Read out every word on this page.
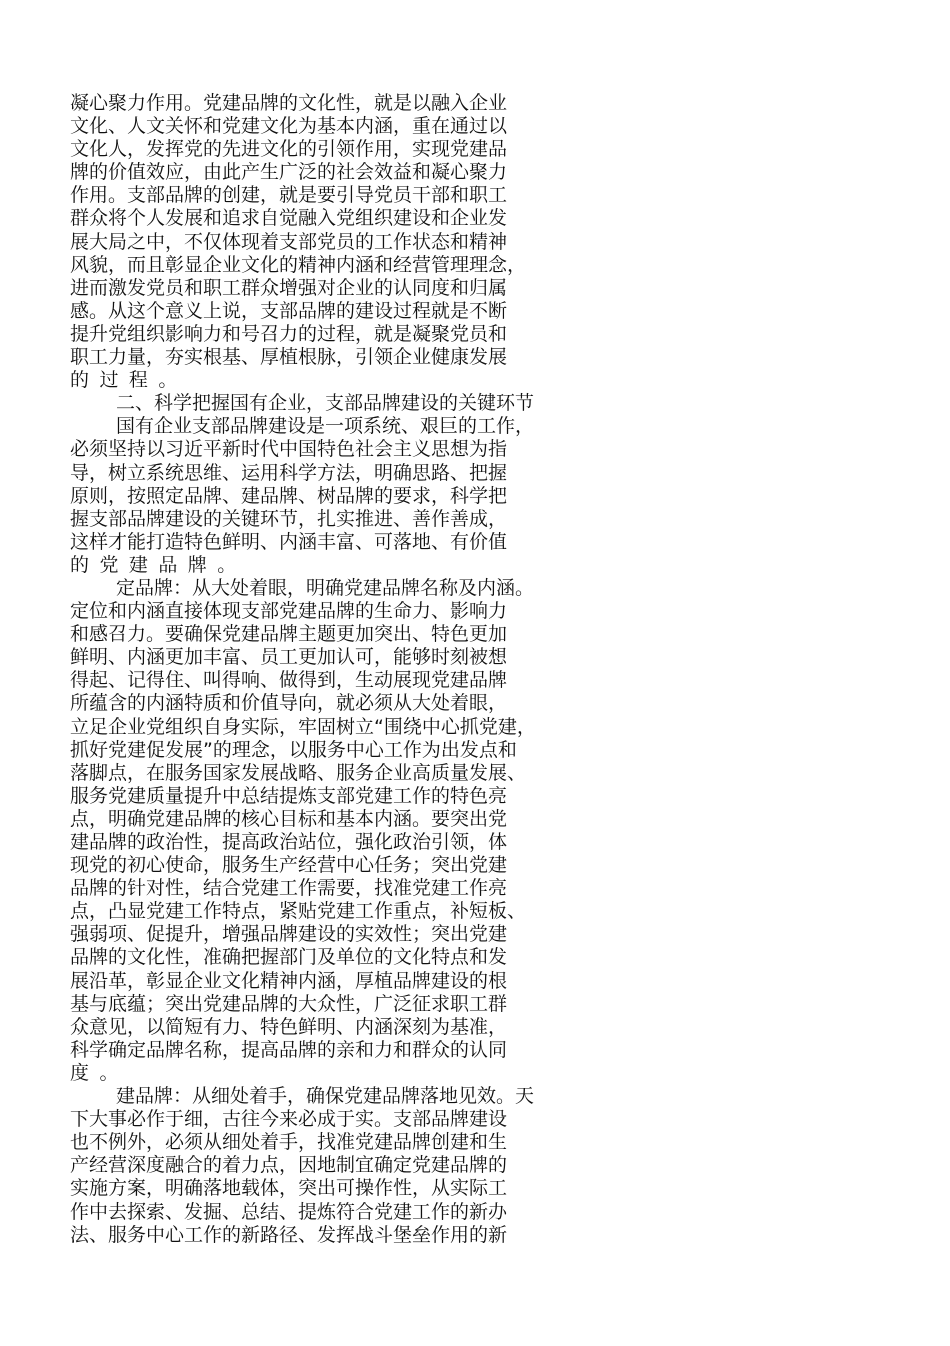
凝心聚力作用。党建品牌的文化性，就是以融入企业
文化、人文关怀和党建文化为基本内涵，重在通过以
文化人，发挥党的先进文化的引领作用，实现党建品
牌的价值效应，由此产生广泛的社会效益和凝心聚力
作用。支部品牌的创建，就是要引导党员干部和职工
群众将个人发展和追求自觉融入党组织建设和企业发
展大局之中，不仅体现着支部党员的工作状态和精神
风貌，而且彰显企业文化的精神内涵和经营管理理念，
进而激发党员和职工群众增强对企业的认同度和归属
感。从这个意义上说，支部品牌的建设过程就是不断
提升党组织影响力和号召力的过程，就是凝聚党员和
职工力量，夯实根基、厚植根脉，引领企业健康发展
的过程。
二、科学把握国有企业，支部品牌建设的关键环节
国有企业支部品牌建设是一项系统、艰巨的工作，
必须坚持以习近平新时代中国特色社会主义思想为指
导，树立系统思维、运用科学方法，明确思路、把握
原则，按照定品牌、建品牌、树品牌的要求，科学把
握支部品牌建设的关键环节，扎实推进、善作善成，
这样才能打造特色鲜明、内涵丰富、可落地、有价值
的党建品牌。
定品牌：从大处着眼，明确党建品牌名称及内涵。
定位和内涵直接体现支部党建品牌的生命力、影响力
和感召力。要确保党建品牌主题更加突出、特色更加
鲜明、内涵更加丰富、员工更加认可，能够时刻被想
得起、记得住、叫得响、做得到，生动展现党建品牌
所蕴含的内涵特质和价值导向，就必须从大处着眼，
立足企业党组织自身实际，牢固树立“围绕中心抓党建，
抓好党建促发展”的理念，以服务中心工作为出发点和
落脚点，在服务国家发展战略、服务企业高质量发展、
服务党建质量提升中总结提炼支部党建工作的特色亮
点，明确党建品牌的核心目标和基本内涵。要突出党
建品牌的政治性，提高政治站位，强化政治引领，体
现党的初心使命，服务生产经营中心任务；突出党建
品牌的针对性，结合党建工作需要，找准党建工作亮
点，凸显党建工作特点，紧贴党建工作重点，补短板、
强弱项、促提升，增强品牌建设的实效性；突出党建
品牌的文化性，准确把握部门及单位的文化特点和发
展沿革，彰显企业文化精神内涵，厚植品牌建设的根
基与底蕴；突出党建品牌的大众性，广泛征求职工群
众意见，以简短有力、特色鲜明、内涵深刻为基准，
科学确定品牌名称，提高品牌的亲和力和群众的认同
度。
建品牌：从细处着手，确保党建品牌落地见效。天
下大事必作于细，古往今来必成于实。支部品牌建设
也不例外，必须从细处着手，找准党建品牌创建和生
产经营深度融合的着力点，因地制宜确定党建品牌的
实施方案，明确落地载体，突出可操作性，从实际工
作中去探索、发掘、总结、提炼符合党建工作的新办
法、服务中心工作的新路径、发挥战斗堡垒作用的新
